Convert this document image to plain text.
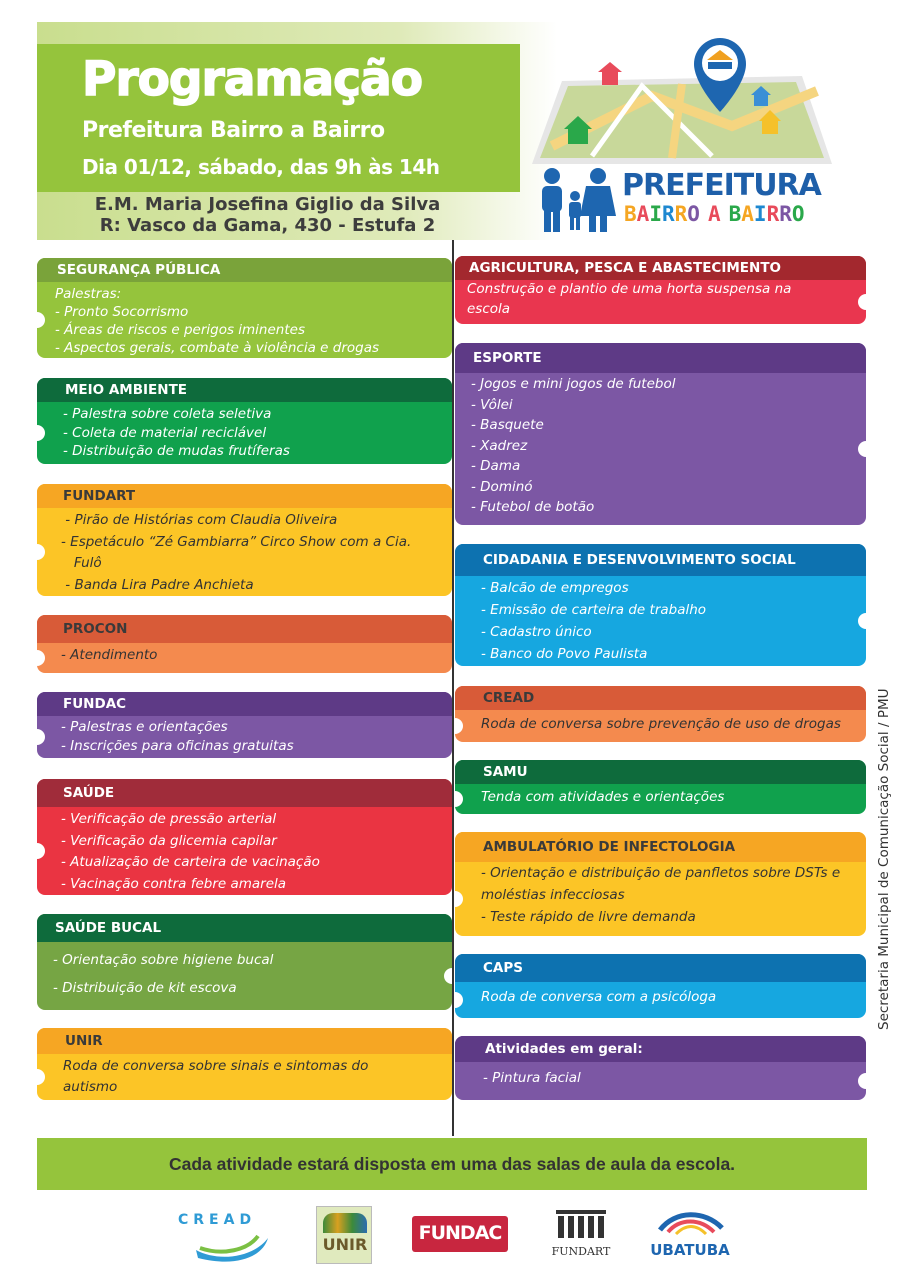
Programação
Prefeitura Bairro a Bairro
Dia 01/12, sábado, das 9h às 14h
E.M. Maria Josefina Giglio da Silva
R: Vasco da Gama, 430 - Estufa 2
PREFEITURA
BAIRRO A BAIRRO
SEGURANÇA PÚBLICA
Palestras:
- Pronto Socorrismo
- Áreas de riscos e perigos iminentes
- Aspectos gerais, combate à violência e drogas
MEIO AMBIENTE
- Palestra sobre coleta seletiva
- Coleta de material reciclável
- Distribuição de mudas frutíferas
FUNDART
- Pirão de Histórias com Claudia Oliveira
- Espetáculo “Zé Gambiarra” Circo Show com a Cia.
Fulô
- Banda Lira Padre Anchieta
PROCON
- Atendimento
FUNDAC
- Palestras e orientações
- Inscrições para oficinas gratuitas
SAÚDE
- Verificação de pressão arterial
- Verificação da glicemia capilar
- Atualização de carteira de vacinação
- Vacinação contra febre amarela
SAÚDE BUCAL
- Orientação sobre higiene bucal
- Distribuição de kit escova
UNIR
Roda de conversa sobre sinais e sintomas do
autismo
AGRICULTURA, PESCA E ABASTECIMENTO
Construção e plantio de uma horta suspensa na
escola
ESPORTE
- Jogos e mini jogos de futebol
- Vôlei
- Basquete
- Xadrez
- Dama
- Dominó
- Futebol de botão
CIDADANIA E DESENVOLVIMENTO SOCIAL
- Balcão de empregos
- Emissão de carteira de trabalho
- Cadastro único
- Banco do Povo Paulista
CREAD
Roda de conversa sobre prevenção de uso de drogas
SAMU
Tenda com atividades e orientações
AMBULATÓRIO DE INFECTOLOGIA
- Orientação e distribuição de panfletos sobre DSTs e
moléstias infecciosas
- Teste rápido de livre demanda
CAPS
Roda de conversa com a psicóloga
Atividades em geral:
- Pintura facial
Cada atividade estará disposta em uma das salas de aula da escola.
Secretaria Municipal de Comunicação Social / PMU
CREAD
UNIR
FUNDAC
FUNDART	UBATUBA
